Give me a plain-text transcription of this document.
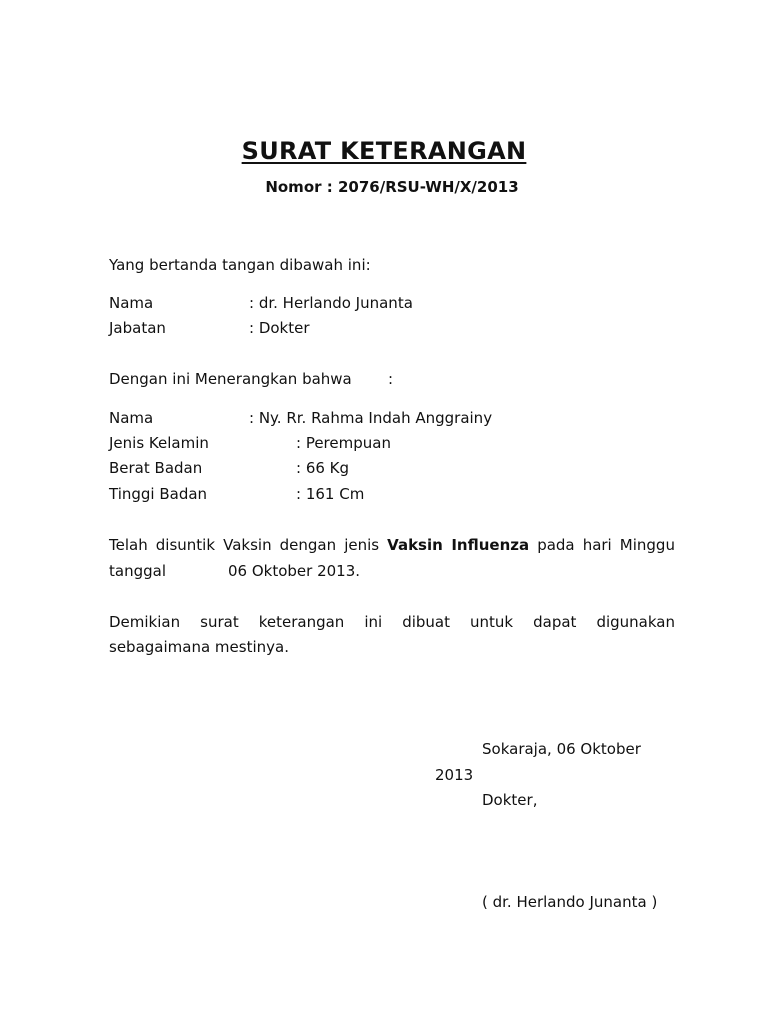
SURAT KETERANGAN
Nomor : 2076/RSU-WH/X/2013
Yang bertanda tangan dibawah ini:
Nama	: dr. Herlando Junanta
Jabatan	: Dokter
Dengan ini Menerangkan bahwa :
Nama	: Ny. Rr. Rahma Indah Anggrainy
Jenis Kelamin	: Perempuan
Berat Badan	: 66 Kg
Tinggi Badan	: 161 Cm
Telah disuntik Vaksin dengan jenis Vaksin Influenza pada hari Minggu
tanggal	06 Oktober 2013.
Demikian surat keterangan ini dibuat untuk dapat digunakan
sebagaimana mestinya.
Sokaraja, 06 Oktober
2013
Dokter,
( dr. Herlando Junanta )
